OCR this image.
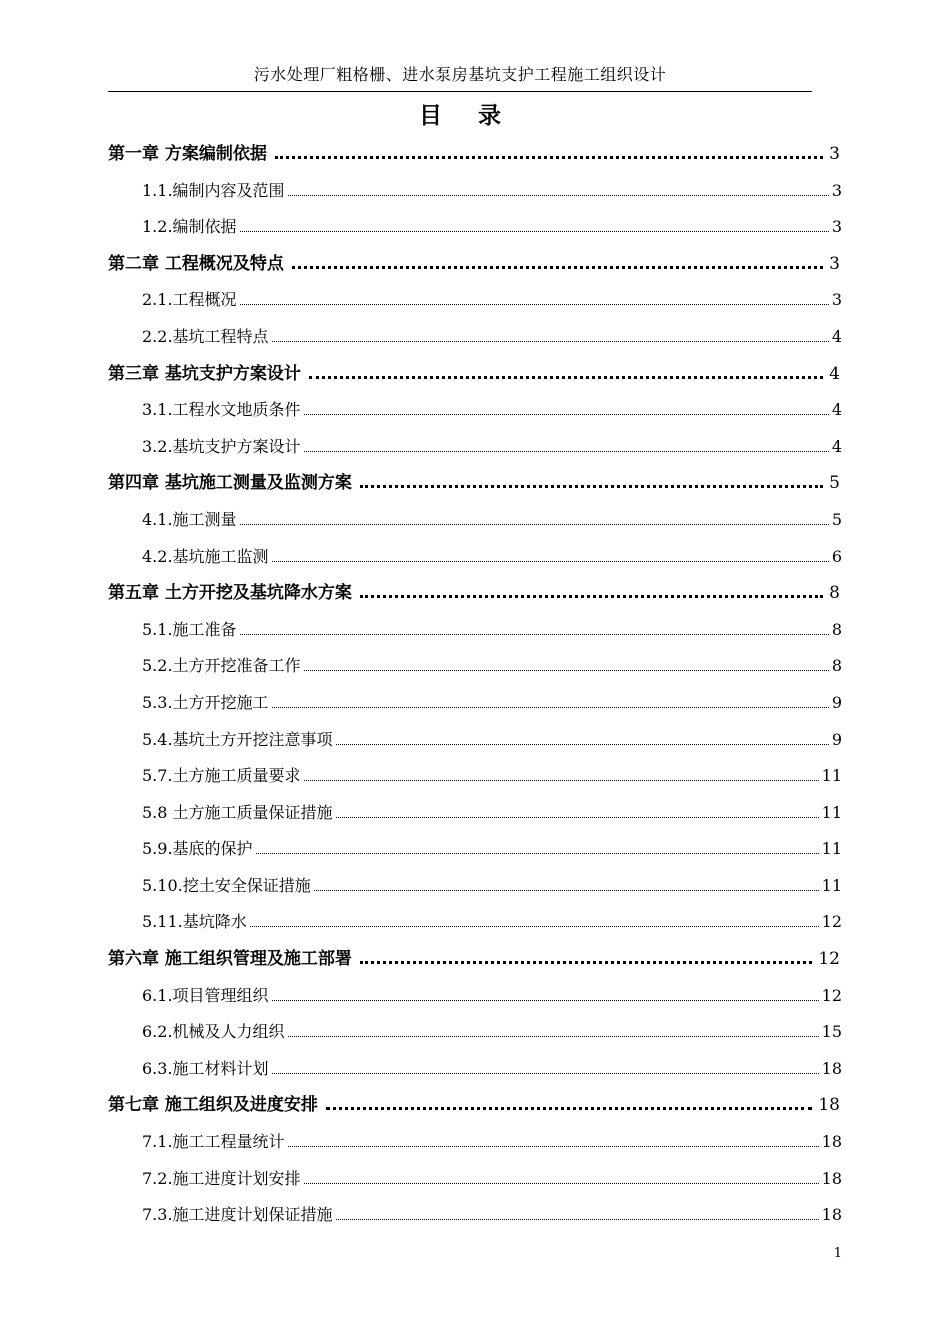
污水处理厂粗格栅、进水泵房基坑支护工程施工组织设计
目录
第一章 方案编制依据	3
1.1.编制内容及范围	3
1.2.编制依据	3
第二章 工程概况及特点	3
2.1.工程概况	3
2.2.基坑工程特点	4
第三章 基坑支护方案设计	4
3.1.工程水文地质条件	4
3.2.基坑支护方案设计	4
第四章 基坑施工测量及监测方案	5
4.1.施工测量	5
4.2.基坑施工监测	6
第五章 土方开挖及基坑降水方案	8
5.1.施工准备	8
5.2.土方开挖准备工作	8
5.3.土方开挖施工	9
5.4.基坑土方开挖注意事项	9
5.7.土方施工质量要求	11
5.8 土方施工质量保证措施	11
5.9.基底的保护	11
5.10.挖土安全保证措施	11
5.11.基坑降水	12
第六章 施工组织管理及施工部署	12
6.1.项目管理组织	12
6.2.机械及人力组织	15
6.3.施工材料计划	18
第七章 施工组织及进度安排	18
7.1.施工工程量统计	18
7.2.施工进度计划安排	18
7.3.施工进度计划保证措施	18
1
